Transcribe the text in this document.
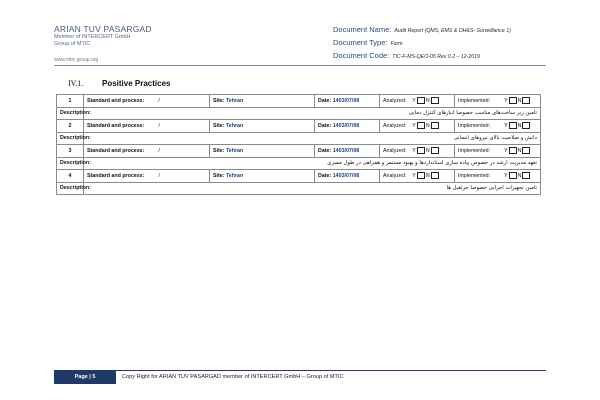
ARIAN TUV PASARGAD
Member of INTERCERT GmbH
Group of MTIC
www.mtic-group.org
Document Name: Audit Report (QMS, EMS & OH&S- Surveillance 1)
Document Type: Form
Document Code: TIC-F-MS-QEO-05 Rev 0.2 – 12-2019
IV.1. Positive Practices
1	Standard and process: /	Site: Tehran	Date: 1403/07/08	Analyzed: Y N	Implemented: Y N
Description:	تامین زیر ساخت‌های مناسب خصوصا انبارهای کنترل دمایی				
2	Standard and process: /	Site: Tehran	Date: 1403/07/08	Analyzed: Y N	Implemented: Y N
Description:	دانش و صلاحیت بالای نیروهای انسانی				
3	Standard and process: /	Site: Tehran	Date: 1403/07/08	Analyzed: Y N	Implemented: Y N
Description:	تعهد مدیریت ارشد در خصوص پیاده سازی استانداردها و بهبود مستمر و همراهی در طول ممیزی				
4	Standard and process: /	Site: Tehran	Date: 1403/07/08	Analyzed: Y N	Implemented: Y N
Description:	تامین تجهیزات اجرایی خصوصا جرثقیل ها				
Page | 5	Copy Right for ARIAN TUV PASARGAD member of INTERCERT GmbH – Group of MTIC
